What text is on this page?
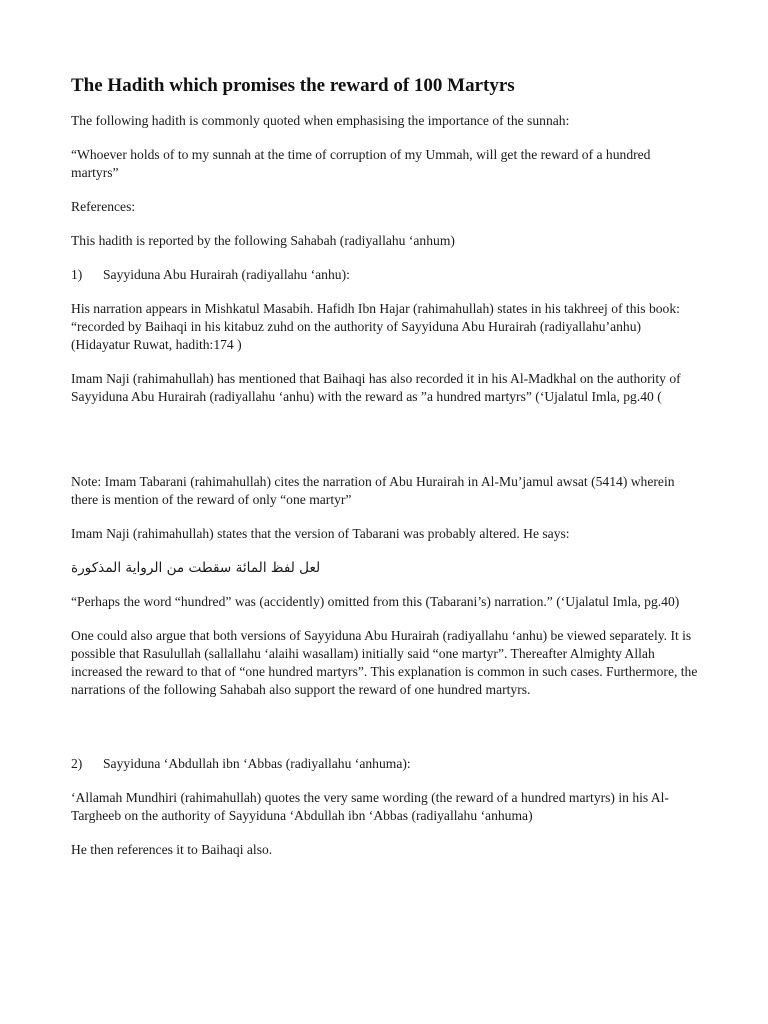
The Hadith which promises the reward of 100 Martyrs

The following hadith is commonly quoted when emphasising the importance of the sunnah:

“Whoever holds of to my sunnah at the time of corruption of my Ummah, will get the reward of a hundred martyrs”

References:

This hadith is reported by the following Sahabah (radiyallahu ‘anhum)

1)	Sayyiduna Abu Hurairah (radiyallahu ‘anhu):

His narration appears in Mishkatul Masabih. Hafidh Ibn Hajar (rahimahullah) states in his takhreej of this book: “recorded by Baihaqi in his kitabuz zuhd on the authority of Sayyiduna Abu Hurairah (radiyallahu’anhu) (Hidayatur Ruwat, hadith:174 )

Imam Naji (rahimahullah) has mentioned that Baihaqi has also recorded it in his Al-Madkhal on the authority of Sayyiduna Abu Hurairah (radiyallahu ‘anhu) with the reward as ”a hundred martyrs” (‘Ujalatul Imla, pg.40 (

Note: Imam Tabarani (rahimahullah) cites the narration of Abu Hurairah in Al-Mu’jamul awsat (5414) wherein there is mention of the reward of only “one martyr”

Imam Naji (rahimahullah) states that the version of Tabarani was probably altered. He says:

لعل لفظ المائة سقطت من الرواية المذكورة

“Perhaps the word “hundred” was (accidently) omitted from this (Tabarani’s) narration.” (‘Ujalatul Imla, pg.40)

One could also argue that both versions of Sayyiduna Abu Hurairah (radiyallahu ‘anhu) be viewed separately. It is possible that Rasulullah (sallallahu ‘alaihi wasallam) initially said “one martyr”. Thereafter Almighty Allah increased the reward to that of “one hundred martyrs”. This explanation is common in such cases. Furthermore, the narrations of the following Sahabah also support the reward of one hundred martyrs.

2)	Sayyiduna ‘Abdullah ibn ‘Abbas (radiyallahu ‘anhuma):

‘Allamah Mundhiri (rahimahullah) quotes the very same wording (the reward of a hundred martyrs) in his Al-Targheeb on the authority of Sayyiduna ‘Abdullah ibn ‘Abbas (radiyallahu ‘anhuma)

He then references it to Baihaqi also.
